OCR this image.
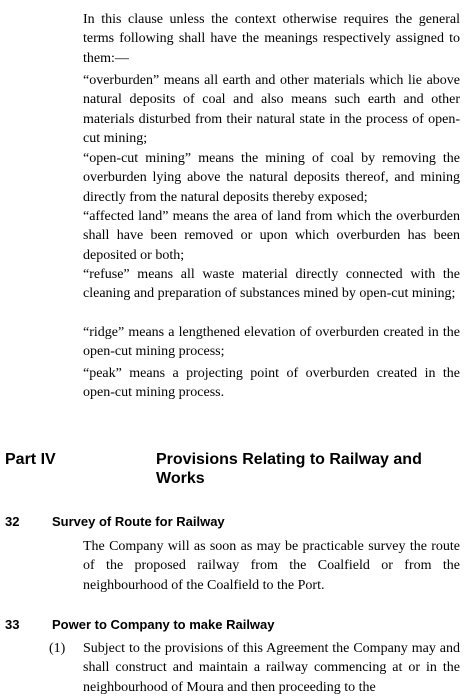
In this clause unless the context otherwise requires the general terms following shall have the meanings respectively assigned to them:—

“overburden” means all earth and other materials which lie above natural deposits of coal and also means such earth and other materials disturbed from their natural state in the process of open-cut mining;

“open-cut mining” means the mining of coal by removing the overburden lying above the natural deposits thereof, and mining directly from the natural deposits thereby exposed;

“affected land” means the area of land from which the overburden shall have been removed or upon which overburden has been deposited or both;

“refuse” means all waste material directly connected with the cleaning and preparation of substances mined by open-cut mining;

“ridge” means a lengthened elevation of overburden created in the open-cut mining process;

“peak” means a projecting point of overburden created in the open-cut mining process.

Part IV	Provisions Relating to Railway and Works
32	Survey of Route for Railway

The Company will as soon as may be practicable survey the route of the proposed railway from the Coalfield or from the neighbourhood of the Coalfield to the Port.

33	Power to Company to make Railway
(1) Subject to the provisions of this Agreement the Company may and shall construct and maintain a railway commencing at or in the neighbourhood of Moura and then proceeding to the
